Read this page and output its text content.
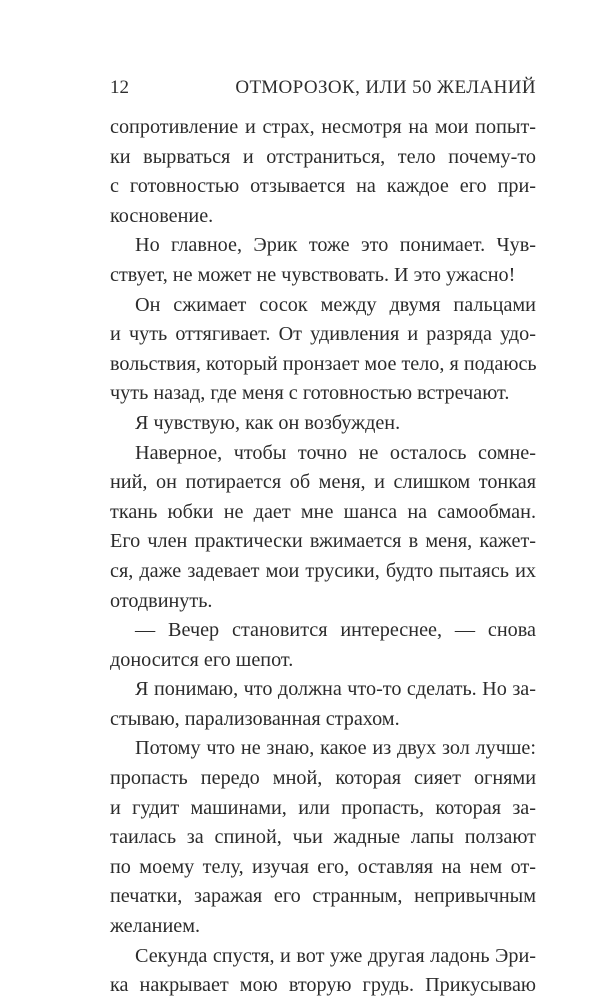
12	ОТМОРОЗОК, ИЛИ 50 ЖЕЛАНИЙ
сопротивление и страх, несмотря на мои попыт-
ки вырваться и отстраниться, тело почему-то
с готовностью отзывается на каждое его при-
косновение.
Но главное, Эрик тоже это понимает. Чув-
ствует, не может не чувствовать. И это ужасно!
Он сжимает сосок между двумя пальцами
и чуть оттягивает. От удивления и разряда удо-
вольствия, который пронзает мое тело, я подаюсь
чуть назад, где меня с готовностью встречают.
Я чувствую, как он возбужден.
Наверное, чтобы точно не осталось сомне-
ний, он потирается об меня, и слишком тонкая
ткань юбки не дает мне шанса на самообман.
Его член практически вжимается в меня, кажет-
ся, даже задевает мои трусики, будто пытаясь их
отодвинуть.
— Вечер становится интереснее, — снова
доносится его шепот.
Я понимаю, что должна что-то сделать. Но за-
стываю, парализованная страхом.
Потому что не знаю, какое из двух зол лучше:
пропасть передо мной, которая сияет огнями
и гудит машинами, или пропасть, которая за-
таилась за спиной, чьи жадные лапы ползают
по моему телу, изучая его, оставляя на нем от-
печатки, заражая его странным, непривычным
желанием.
Секунда спустя, и вот уже другая ладонь Эри-
ка накрывает мою вторую грудь. Прикусываю
